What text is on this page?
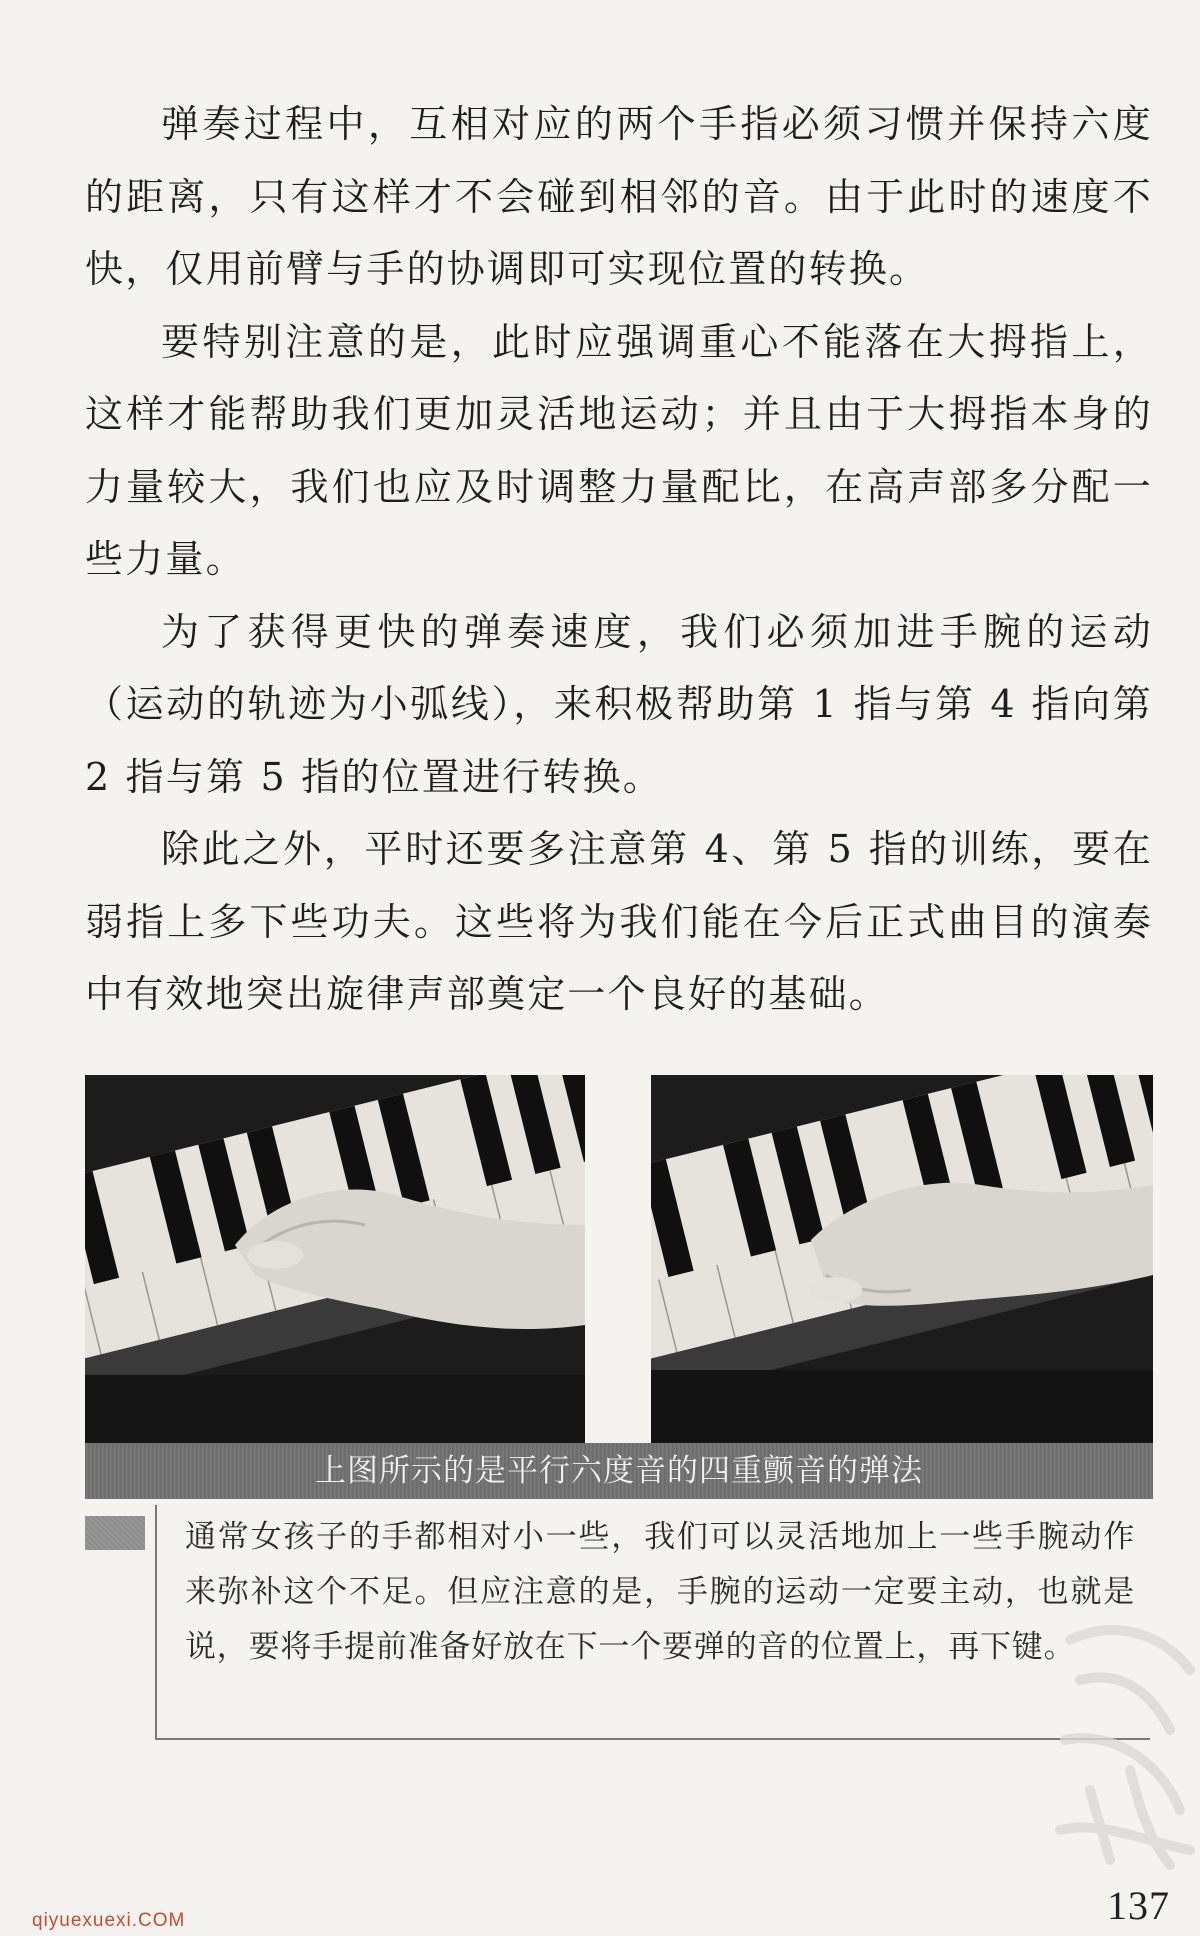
弹奏过程中，互相对应的两个手指必须习惯并保持六度的距离，只有这样才不会碰到相邻的音。由于此时的速度不快，仅用前臂与手的协调即可实现位置的转换。

要特别注意的是，此时应强调重心不能落在大拇指上，这样才能帮助我们更加灵活地运动；并且由于大拇指本身的力量较大，我们也应及时调整力量配比，在高声部多分配一些力量。

为了获得更快的弹奏速度，我们必须加进手腕的运动（运动的轨迹为小弧线），来积极帮助第 1 指与第 4 指向第 2 指与第 5 指的位置进行转换。

除此之外，平时还要多注意第 4、第 5 指的训练，要在弱指上多下些功夫。这些将为我们能在今后正式曲目的演奏中有效地突出旋律声部奠定一个良好的基础。

上图所示的是平行六度音的四重颤音的弹法
通常女孩子的手都相对小一些，我们可以灵活地加上一些手腕动作来弥补这个不足。但应注意的是，手腕的运动一定要主动，也就是说，要将手提前准备好放在下一个要弹的音的位置上，再下键。
qiyuexuexi.COM	137
